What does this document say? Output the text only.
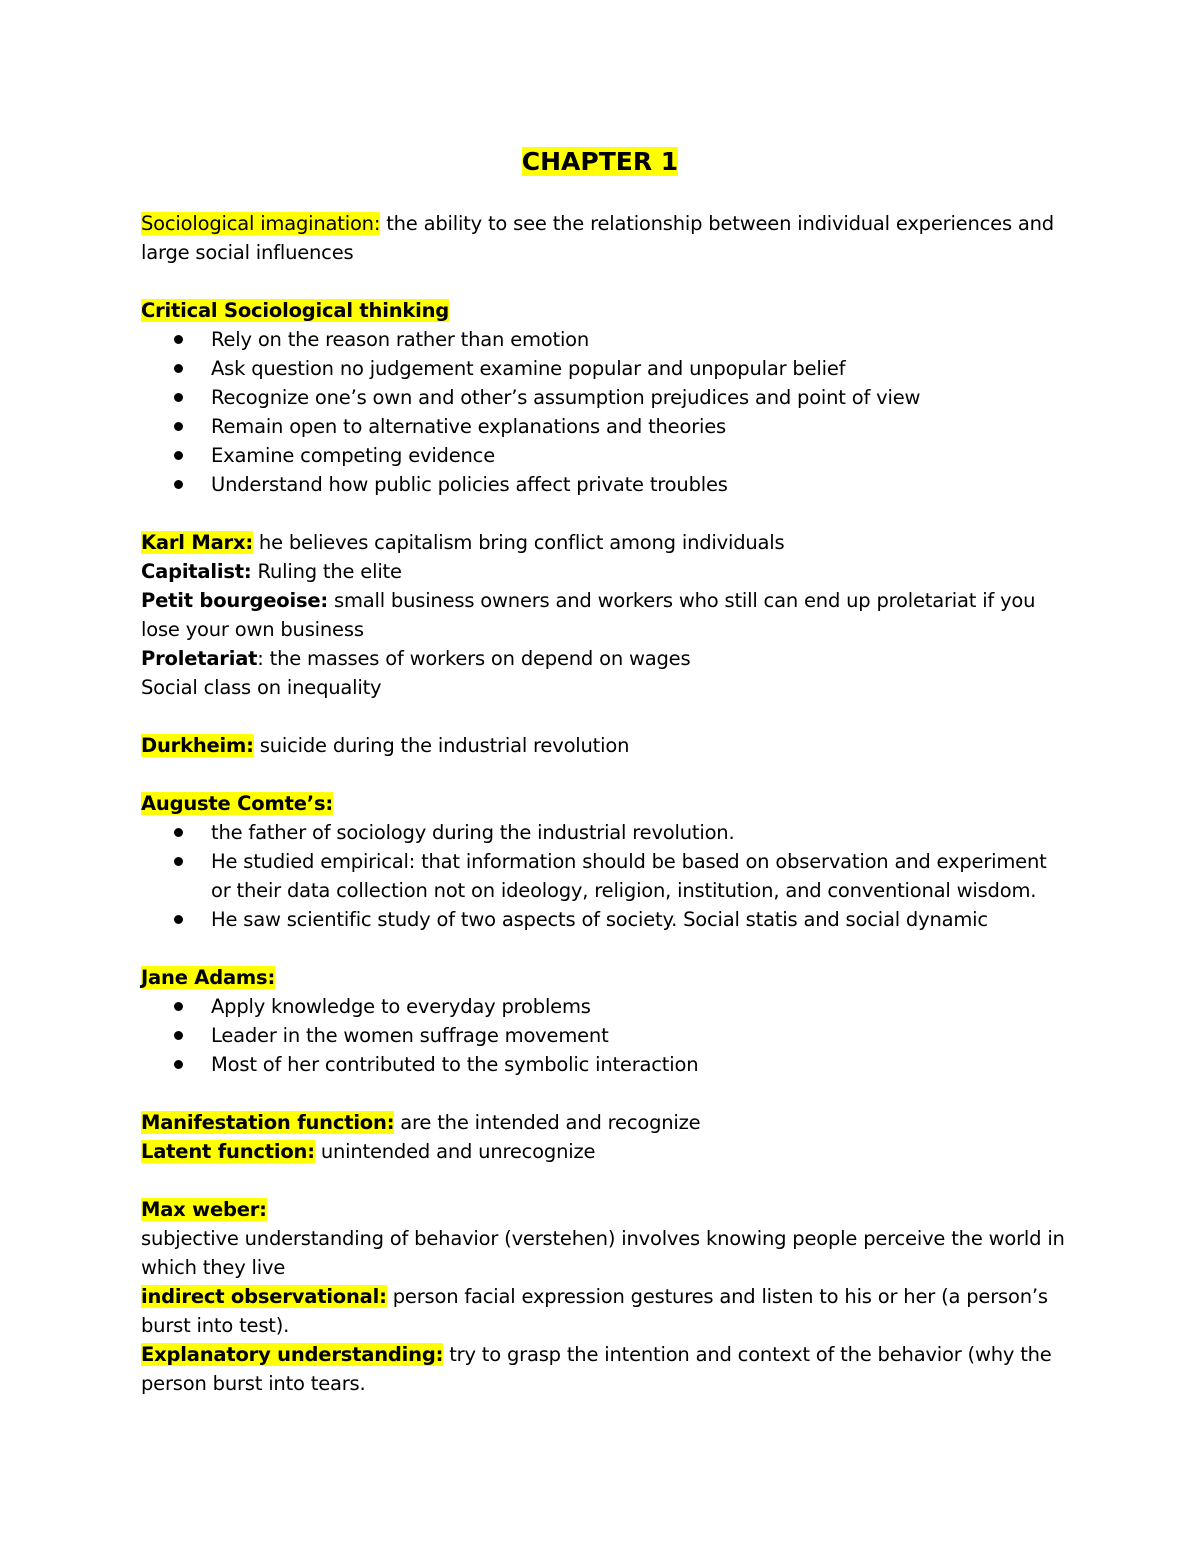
CHAPTER 1

Sociological imagination: the ability to see the relationship between individual experiences and large social influences

Critical Sociological thinking

Rely on the reason rather than emotion
Ask question no judgement examine popular and unpopular belief
Recognize one’s own and other’s assumption prejudices and point of view
Remain open to alternative explanations and theories
Examine competing evidence
Understand how public policies affect private troubles

Karl Marx: he believes capitalism bring conflict among individuals

Capitalist: Ruling the elite

Petit bourgeoise: small business owners and workers who still can end up proletariat if you lose your own business

Proletariat: the masses of workers on depend on wages

Social class on inequality

Durkheim: suicide during the industrial revolution

Auguste Comte’s:

the father of sociology during the industrial revolution.
He studied empirical: that information should be based on observation and experiment or their data collection not on ideology, religion, institution, and conventional wisdom.
He saw scientific study of two aspects of society. Social statis and social dynamic

Jane Adams:

Apply knowledge to everyday problems
Leader in the women suffrage movement
Most of her contributed to the symbolic interaction

Manifestation function: are the intended and recognize

Latent function: unintended and unrecognize

Max weber:

subjective understanding of behavior (verstehen) involves knowing people perceive the world in which they live

indirect observational: person facial expression gestures and listen to his or her (a person’s burst into test).

Explanatory understanding: try to grasp the intention and context of the behavior (why the person burst into tears.
